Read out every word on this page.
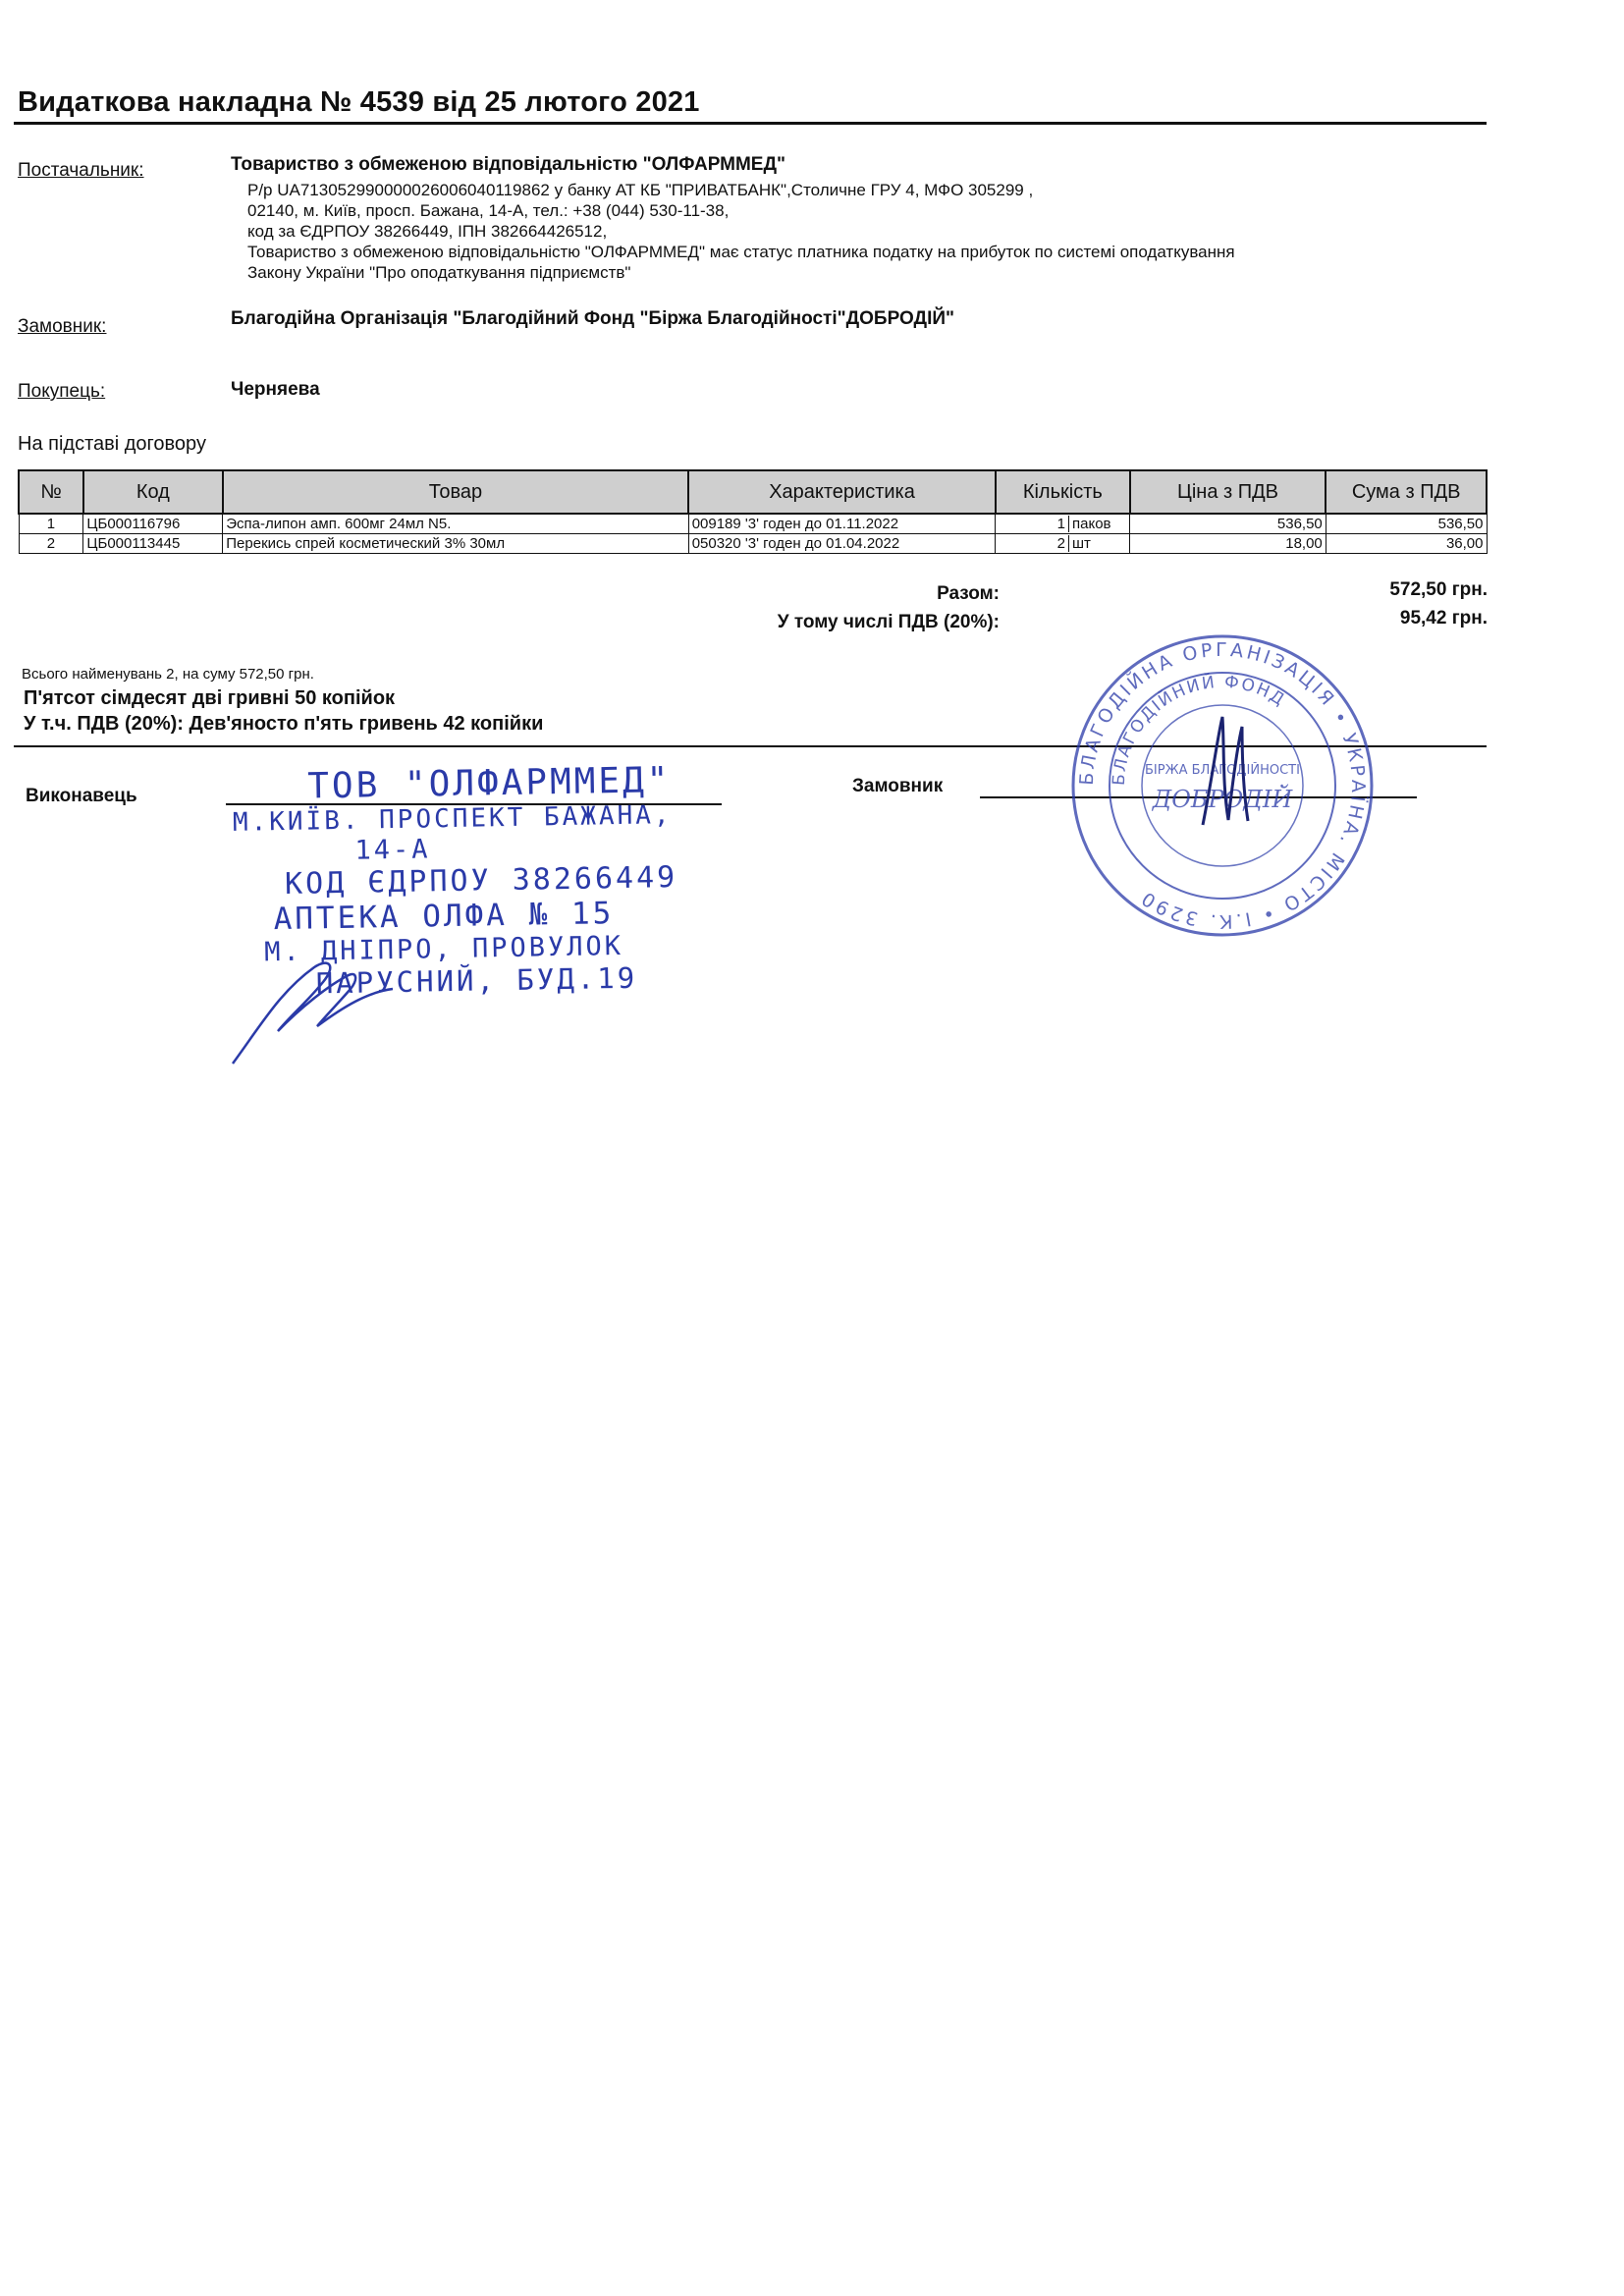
Видаткова накладна № 4539 від 25 лютого 2021
Постачальник:	Товариство з обмеженою відповідальністю "ОЛФАРММЕД"
Р/р UA713052990000026006040119862 у банку АТ КБ "ПРИВАТБАНК",Столичне ГРУ 4, МФО 305299 ,
02140, м. Київ, просп. Бажана, 14-А, тел.: +38 (044) 530-11-38,
код за ЄДРПОУ 38266449, ІПН 382664426512,
Товариство з обмеженою відповідальністю "ОЛФАРММЕД" має статус платника податку на прибуток по системі оподаткування
Закону України "Про оподаткування підприємств"
Замовник:	Благодійна Організація "Благодійний Фонд "Біржа Благодійності"ДОБРОДІЙ"
Покупець:	Черняева
На підставі договору
№	Код	Товар	Характеристика	Кількість	Ціна з ПДВ	Сума з ПДВ
1	ЦБ000116796	Эспа-липон амп. 600мг 24мл N5.	009189 '3' годен до 01.11.2022	1 паков	536,50	536,50
2	ЦБ000113445	Перекись спрей косметический 3% 30мл	050320 '3' годен до 01.04.2022	2 шт	18,00	36,00
Разом:	572,50 грн.
У тому числі ПДВ (20%):	95,42 грн.
Всього найменувань 2, на суму 572,50 грн.
П'ятсот сімдесят дві гривні 50 копійок
У т.ч. ПДВ (20%): Дев'яносто п'ять гривень 42 копійки
Виконавець	Замовник
ТОВ "ОЛФАРММЕД"
М.КИЇВ. ПРОСПЕКТ БАЖАНА,
14-А
КОД ЄДРПОУ 38266449
АПТЕКА ОЛФА № 15
М. ДНІПРО, ПРОВУЛОК
ПАРУСНИЙ, БУД.19
БЛАГОДІЙНА ОРГАНІЗАЦІЯ • УКРАЇНА. МІСТО • І.К. 3290
БЛАГОДІЙНИЙ ФОНД
БІРЖА БЛАГОДІЙНОСТІ
ДОБРОДІЙ
